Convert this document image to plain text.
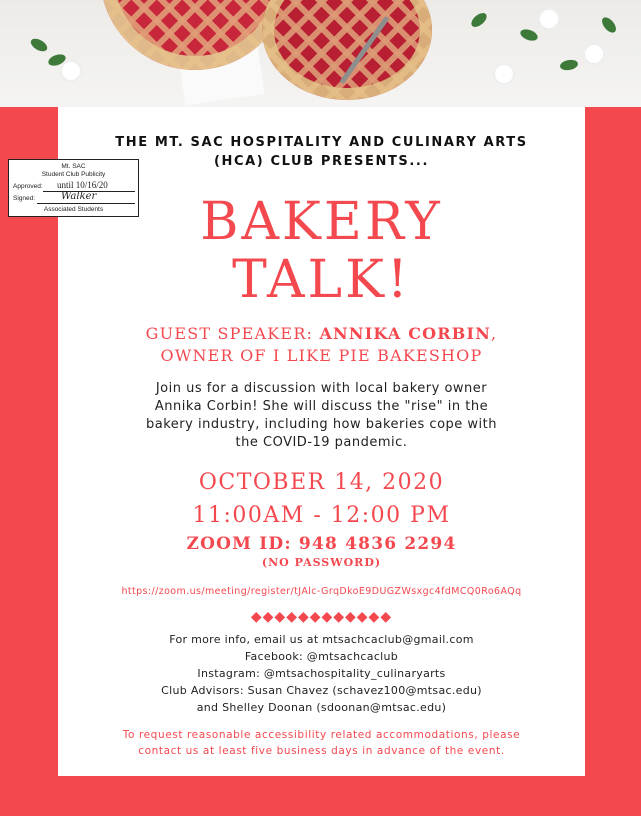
THE MT. SAC HOSPITALITY AND CULINARY ARTS
(HCA) CLUB PRESENTS...
BAKERY
TALK!
GUEST SPEAKER: ANNIKA CORBIN,
OWNER OF I LIKE PIE BAKESHOP
Join us for a discussion with local bakery owner
Annika Corbin! She will discuss the "rise" in the
bakery industry, including how bakeries cope with
the COVID-19 pandemic.
OCTOBER 14, 2020
11:00AM - 12:00 PM
ZOOM ID: 948 4836 2294
(NO PASSWORD)
https://zoom.us/meeting/register/tJAlc-GrqDkoE9DUGZWsxgc4fdMCQ0Ro6AQq
◆◆◆◆◆◆◆◆◆◆◆◆
For more info, email us at mtsachcaclub@gmail.com
Facebook: @mtsachcaclub
Instagram: @mtsachospitality_culinaryarts
Club Advisors: Susan Chavez (schavez100@mtsac.edu)
and Shelley Doonan (sdoonan@mtsac.edu)
To request reasonable accessibility related accommodations, please
contact us at least five business days in advance of the event.
Mt. SAC
Student Club Publicity
Approved: until 10/16/20
Signed:	Walker
Associated Students
